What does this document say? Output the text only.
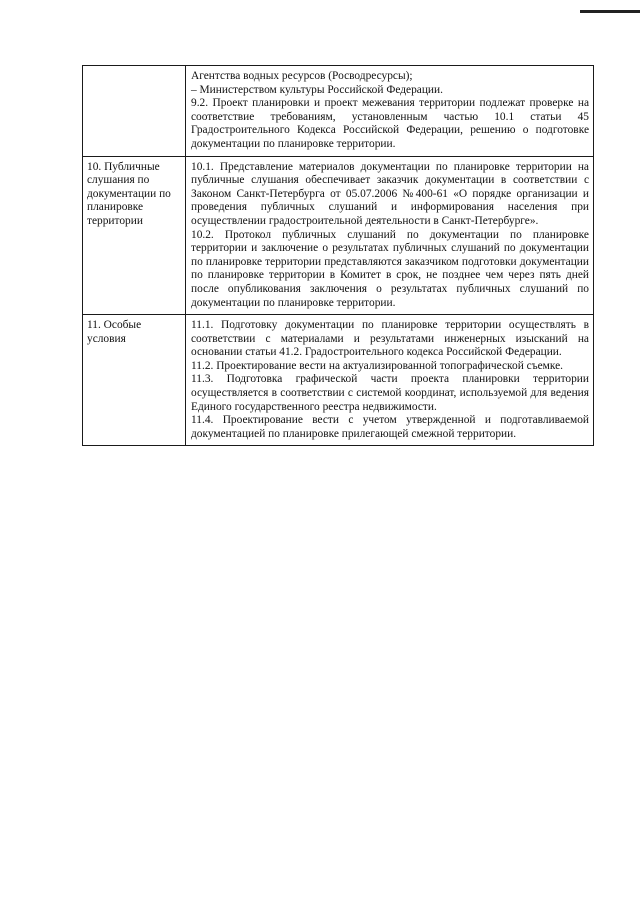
	Агентства водных ресурсов (Росводресурсы);

– Министерством культуры Российской Федерации.

9.2. Проект планировки и проект межевания территории подлежат проверке на соответствие требованиям, установленным частью 10.1 статьи 45 Градостроительного Кодекса Российской Федерации, решению о подготовке документации по планировке территории.

10. Публичные слушания по документации по планировке территории	10.1. Представление материалов документации по планировке территории на публичные слушания обеспечивает заказчик документации в соответствии с Законом Санкт-Петербурга от 05.07.2006 №400-61 «О порядке организации и проведения публичных слушаний и информирования населения при осуществлении градостроительной деятельности в Санкт-Петербурге».

10.2. Протокол публичных слушаний по документации по планировке территории и заключение о результатах публичных слушаний по документации по планировке территории представляются заказчиком подготовки документации по планировке территории в Комитет в срок, не позднее чем через пять дней после опубликования заключения о результатах публичных слушаний по документации по планировке территории.

11. Особые условия	11.1. Подготовку документации по планировке территории осуществлять в соответствии с материалами и результатами инженерных изысканий на основании статьи 41.2. Градостроительного кодекса Российской Федерации.

11.2. Проектирование вести на актуализированной топографической съемке.

11.3. Подготовка графической части проекта планировки территории осуществляется в соответствии с системой координат, используемой для ведения Единого государственного реестра недвижимости.

11.4. Проектирование вести с учетом утвержденной и подготавливаемой документацией по планировке прилегающей смежной территории.
